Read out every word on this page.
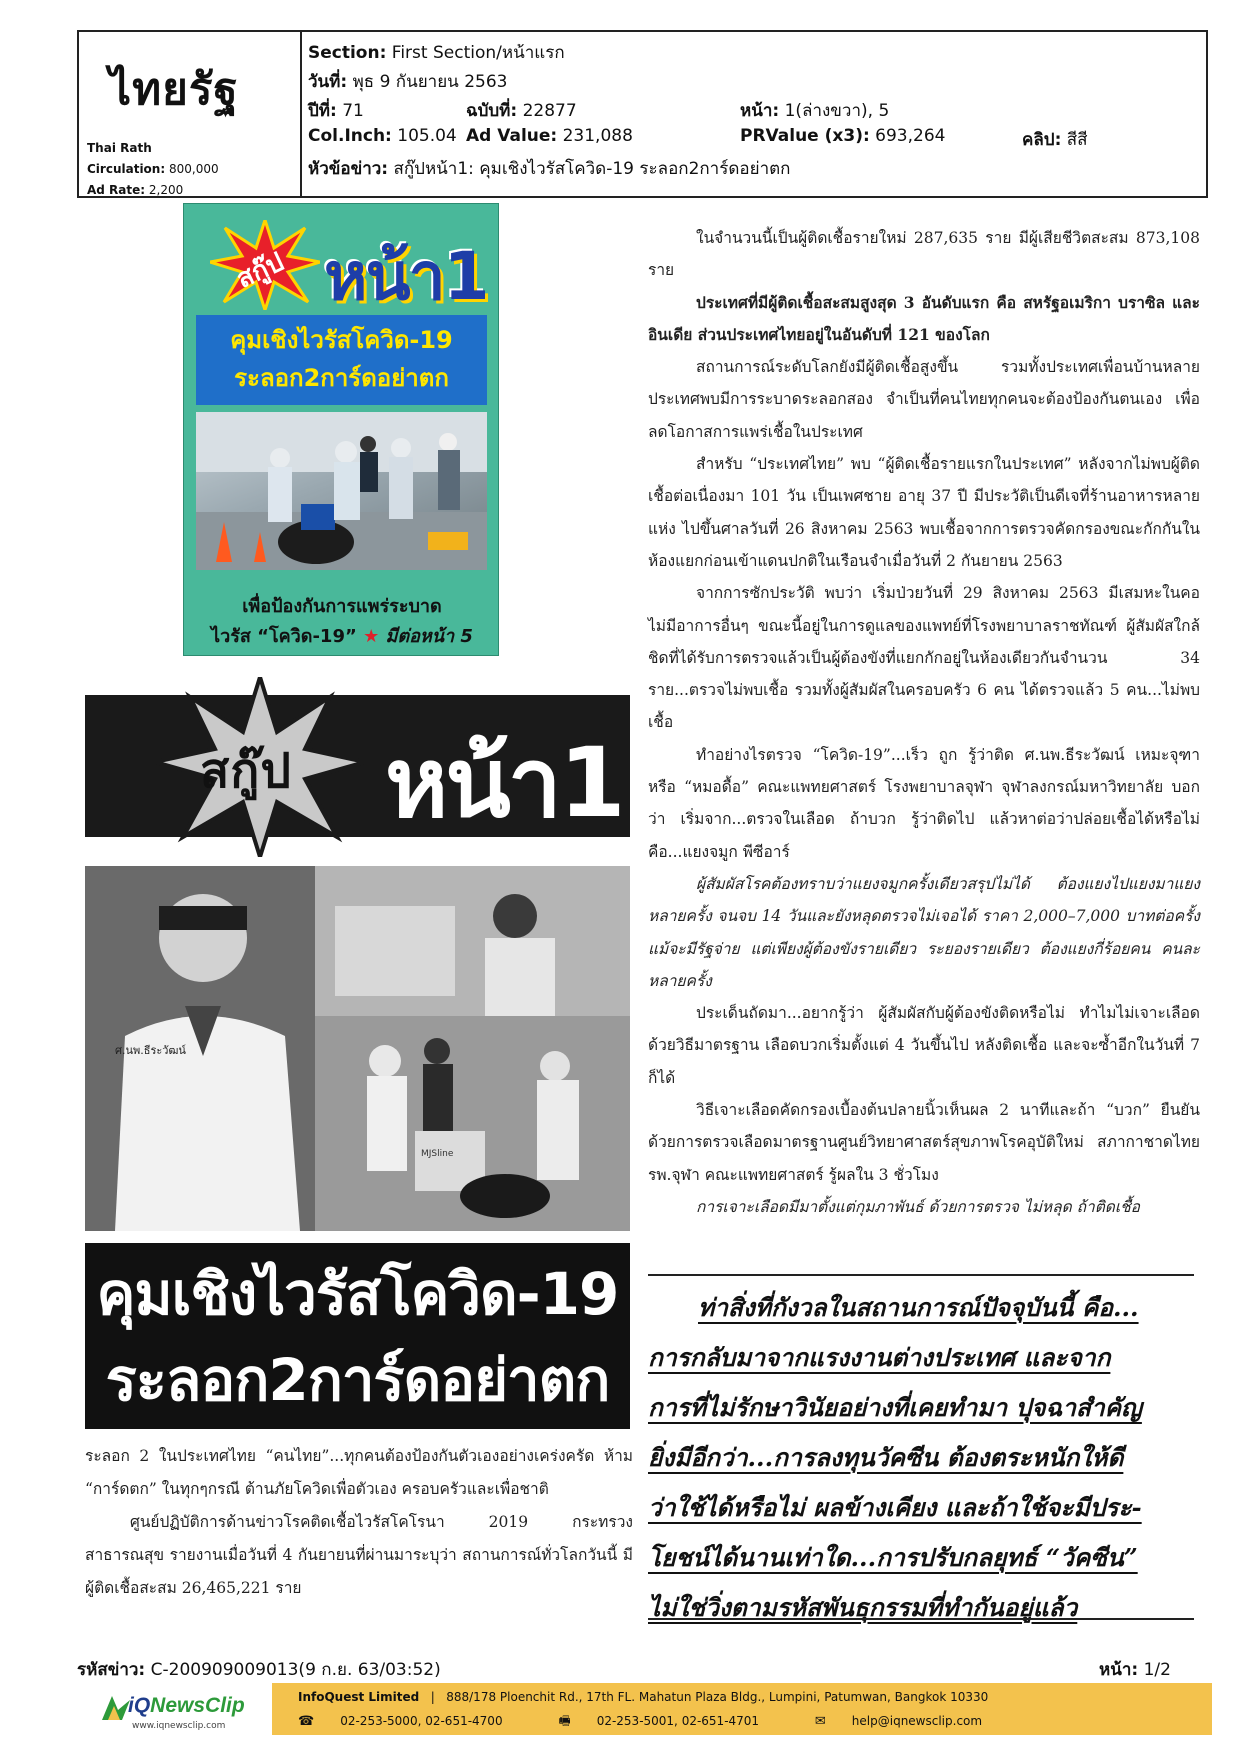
ไทยรัฐ
Thai Rath
Circulation: 800,000
Ad Rate: 2,200
Section: First Section/หน้าแรก
วันที่: พุธ 9 กันยายน 2563
ปีที่: 71	ฉบับที่: 22877	หน้า: 1(ล่างขวา), 5
Col.Inch: 105.04 Ad Value: 231,088	PRValue (x3): 693,264	คลิป: สีสี
หัวข้อข่าว: สกู๊ปหน้า1: คุมเชิงไวรัสโควิด-19 ระลอก2การ์ดอย่าตก
สกู๊ป หน้า1
คุมเชิงไวรัสโควิด-19
ระลอก2การ์ดอย่าตก
เพื่อป้องกันการแพร่ระบาด
ไวรัส “โควิด-19” ★ มีต่อหน้า 5
สกู๊ป หน้า1
ศ.นพ.ธีระวัฒน์
MJSline
คุมเชิงไวรัสโควิด-19
ระลอก2การ์ดอย่าตก

ระลอก 2 ในประเทศไทย “คนไทย”...ทุกคนต้องป้องกันตัวเองอย่างเคร่งครัด ห้าม “การ์ดตก” ในทุกๆกรณี ต้านภัยโควิดเพื่อตัวเอง ครอบครัวและเพื่อชาติ

ศูนย์ปฏิบัติการด้านข่าวโรคติดเชื้อไวรัสโคโรนา 2019 กระทรวงสาธารณสุข รายงานเมื่อวันที่ 4 กันยายนที่ผ่านมาระบุว่า สถานการณ์ทั่วโลกวันนี้ มีผู้ติดเชื้อสะสม 26,465,221 ราย

ในจำนวนนี้เป็นผู้ติดเชื้อรายใหม่ 287,635 ราย มีผู้เสียชีวิตสะสม 873,108 ราย

ประเทศที่มีผู้ติดเชื้อสะสมสูงสุด 3 อันดับแรก คือ สหรัฐอเมริกา บราซิล และอินเดีย ส่วนประเทศไทยอยู่ในอันดับที่ 121 ของโลก

สถานการณ์ระดับโลกยังมีผู้ติดเชื้อสูงขึ้น รวมทั้งประเทศเพื่อนบ้านหลายประเทศพบมีการระบาดระลอกสอง จำเป็นที่คนไทยทุกคนจะต้องป้องกันตนเอง เพื่อลดโอกาสการแพร่เชื้อในประเทศ

สำหรับ “ประเทศไทย” พบ “ผู้ติดเชื้อรายแรกในประเทศ” หลังจากไม่พบผู้ติดเชื้อต่อเนื่องมา 101 วัน เป็นเพศชาย อายุ 37 ปี มีประวัติเป็นดีเจที่ร้านอาหารหลายแห่ง ไปขึ้นศาลวันที่ 26 สิงหาคม 2563 พบเชื้อจากการตรวจคัดกรองขณะกักกันในห้องแยกก่อนเข้าแดนปกติในเรือนจำเมื่อวันที่ 2 กันยายน 2563

จากการซักประวัติ พบว่า เริ่มป่วยวันที่ 29 สิงหาคม 2563 มีเสมหะในคอ ไม่มีอาการอื่นๆ ขณะนี้อยู่ในการดูแลของแพทย์ที่โรงพยาบาลราชทัณฑ์ ผู้สัมผัสใกล้ชิดที่ได้รับการตรวจแล้วเป็นผู้ต้องขังที่แยกกักอยู่ในห้องเดียวกันจำนวน 34 ราย...ตรวจไม่พบเชื้อ รวมทั้งผู้สัมผัสในครอบครัว 6 คน ได้ตรวจแล้ว 5 คน...ไม่พบเชื้อ

ทำอย่างไรตรวจ “โควิด-19”...เร็ว ถูก รู้ว่าติด ศ.นพ.ธีระวัฒน์ เหมะจุฑา หรือ “หมอดื้อ” คณะแพทยศาสตร์ โรงพยาบาลจุฬา จุฬาลงกรณ์มหาวิทยาลัย บอกว่า เริ่มจาก...ตรวจในเลือด ถ้าบวก รู้ว่าติดไป แล้วหาต่อว่าปล่อยเชื้อได้หรือไม่ คือ...แยงจมูก พีซีอาร์

ผู้สัมผัสโรคต้องทราบว่าแยงจมูกครั้งเดียวสรุปไม่ได้ ต้องแยงไปแยงมาแยงหลายครั้ง จนจบ 14 วันและยังหลุดตรวจไม่เจอได้ ราคา 2,000–7,000 บาทต่อครั้ง แม้จะมีรัฐจ่าย แต่เพียงผู้ต้องขังรายเดียว ระยองรายเดียว ต้องแยงกี่ร้อยคน คนละหลายครั้ง

ประเด็นถัดมา...อยากรู้ว่า ผู้สัมผัสกับผู้ต้องขังติดหรือไม่ ทำไมไม่เจาะเลือดด้วยวิธีมาตรฐาน เลือดบวกเริ่มตั้งแต่ 4 วันขึ้นไป หลังติดเชื้อ และจะซ้ำอีกในวันที่ 7 ก็ได้

วิธีเจาะเลือดคัดกรองเบื้องต้นปลายนิ้วเห็นผล 2 นาทีและถ้า “บวก” ยืนยันด้วยการตรวจเลือดมาตรฐานศูนย์วิทยาศาสตร์สุขภาพโรคอุบัติใหม่ สภากาชาดไทย รพ.จุฬา คณะแพทยศาสตร์ รู้ผลใน 3 ชั่วโมง

การเจาะเลือดมีมาตั้งแต่กุมภาพันธ์ ด้วยการตรวจ ไม่หลุด ถ้าติดเชื้อ

ท่าสิ่งที่กังวลในสถานการณ์ปัจจุบันนี้ คือ...

การกลับมาจากแรงงานต่างประเทศ และจาก
การที่ไม่รักษาวินัยอย่างที่เคยทำมา ปุจฉาสำคัญ
ยิ่งมีอีกว่า...การลงทุนวัคซีน ต้องตระหนักให้ดี
ว่าใช้ได้หรือไม่ ผลข้างเคียง และถ้าใช้จะมีประ-
โยชน์ได้นานเท่าใด...การปรับกลยุทธ์ “วัคซีน”
ไม่ใช่วิ่งตามรหัสพันธุกรรมที่ทำกันอยู่แล้ว
รหัสข่าว: C-200909009013(9 ก.ย. 63/03:52)	หน้า: 1/2
iQNewsClip
www.iqnewsclip.com
InfoQuest Limited   |   888/178 Ploenchit Rd., 17th FL. Mahatun Plaza Bldg., Lumpini, Patumwan, Bangkok 10330
☎ 02-253-5000, 02-651-4700	🖷 02-253-5001, 02-651-4701	✉ help@iqnewsclip.com
